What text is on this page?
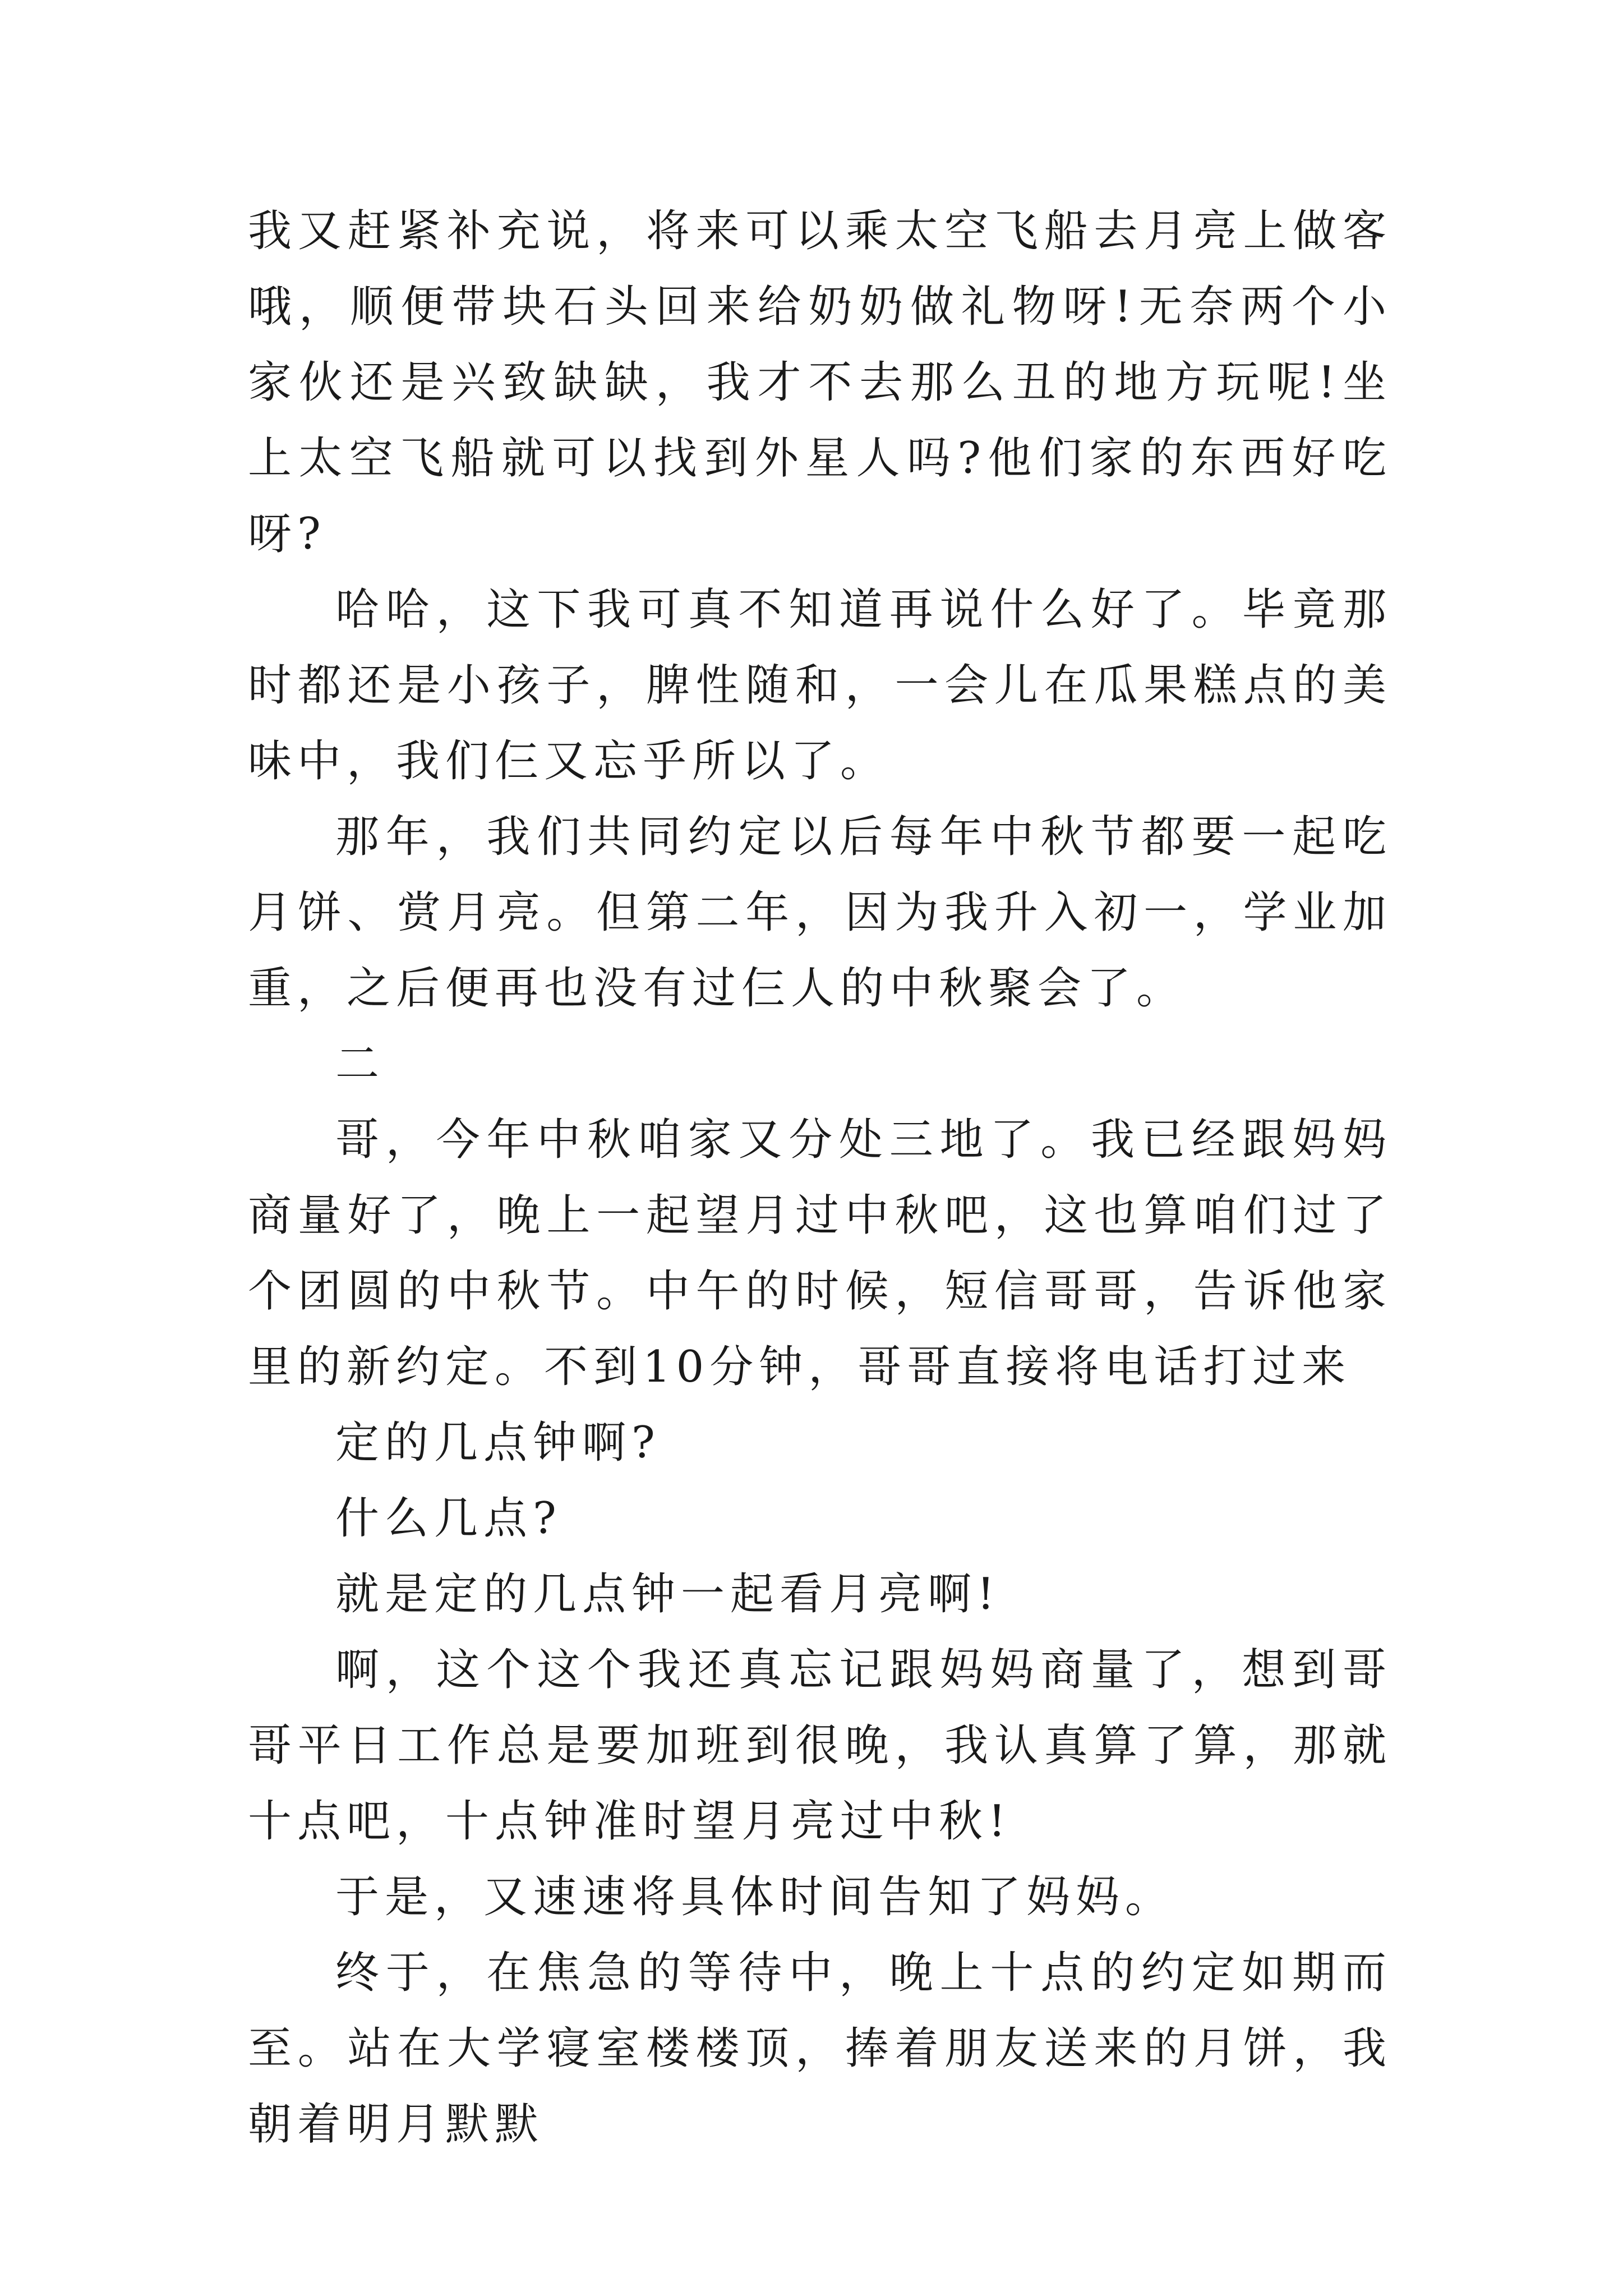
我又赶紧补充说，将来可以乘太空飞船去月亮上做客哦，顺便带块石头回来给奶奶做礼物呀!无奈两个小家伙还是兴致缺缺，我才不去那么丑的地方玩呢!坐上太空飞船就可以找到外星人吗?他们家的东西好吃呀?

哈哈，这下我可真不知道再说什么好了。毕竟那时都还是小孩子，脾性随和，一会儿在瓜果糕点的美味中，我们仨又忘乎所以了。

那年，我们共同约定以后每年中秋节都要一起吃月饼、赏月亮。但第二年，因为我升入初一，学业加重，之后便再也没有过仨人的中秋聚会了。

二

哥，今年中秋咱家又分处三地了。我已经跟妈妈商量好了，晚上一起望月过中秋吧，这也算咱们过了个团圆的中秋节。中午的时候，短信哥哥，告诉他家里的新约定。不到10分钟，哥哥直接将电话打过来

定的几点钟啊?

什么几点?

就是定的几点钟一起看月亮啊!

啊，这个这个我还真忘记跟妈妈商量了，想到哥哥平日工作总是要加班到很晚，我认真算了算，那就十点吧，十点钟准时望月亮过中秋!

于是，又速速将具体时间告知了妈妈。

终于，在焦急的等待中，晚上十点的约定如期而至。站在大学寝室楼楼顶，捧着朋友送来的月饼，我朝着明月默默
